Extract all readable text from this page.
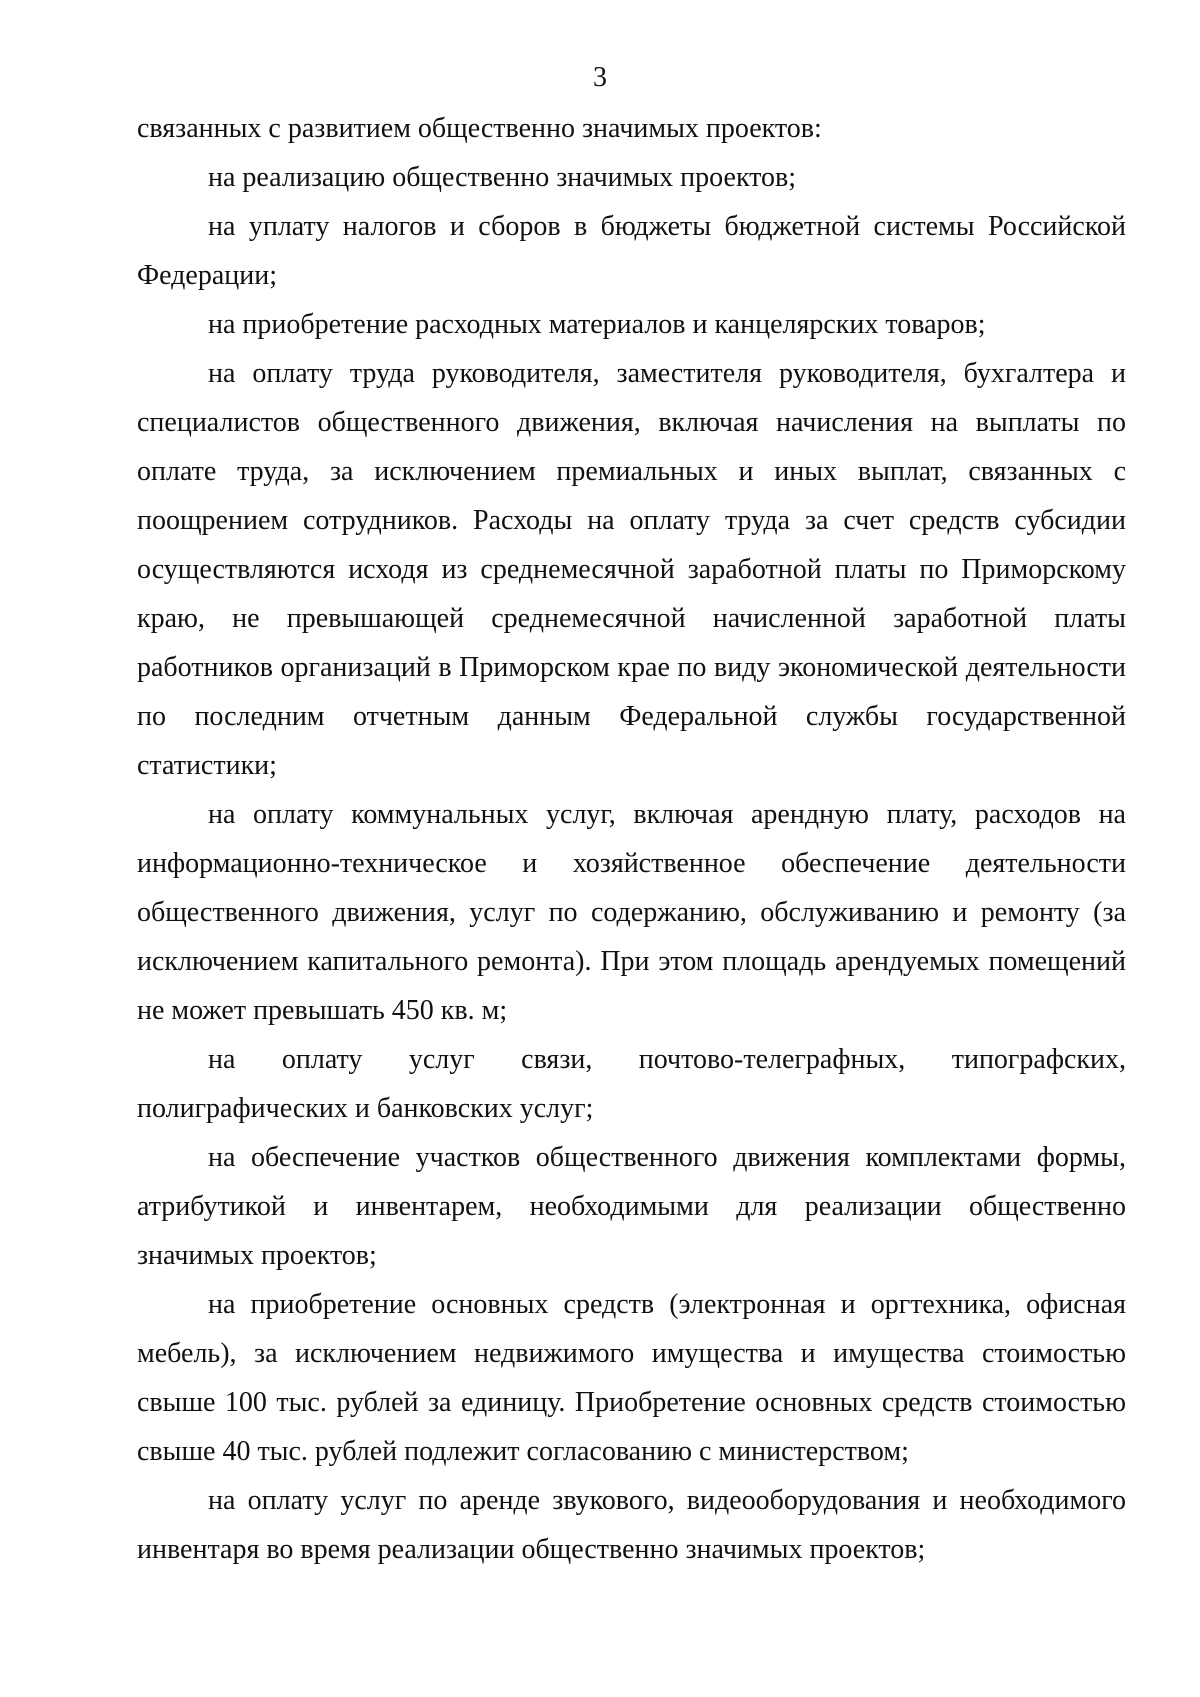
3

связанных с развитием общественно значимых проектов:

на реализацию общественно значимых проектов;

на уплату налогов и сборов в бюджеты бюджетной системы Российской Федерации;

на приобретение расходных материалов и канцелярских товаров;

на оплату труда руководителя, заместителя руководителя, бухгалтера и специалистов общественного движения, включая начисления на выплаты по оплате труда, за исключением премиальных и иных выплат, связанных с поощрением сотрудников. Расходы на оплату труда за счет средств субсидии осуществляются исходя из среднемесячной заработной платы по Приморскому краю, не превышающей среднемесячной начисленной заработной платы работников организаций в Приморском крае по виду экономической деятельности по последним отчетным данным Федеральной службы государственной статистики;

на оплату коммунальных услуг, включая арендную плату, расходов на информационно-техническое и хозяйственное обеспечение деятельности общественного движения, услуг по содержанию, обслуживанию и ремонту (за исключением капитального ремонта). При этом площадь арендуемых помещений не может превышать 450 кв. м;

на оплату услуг связи, почтово-телеграфных, типографских, полиграфических и банковских услуг;

на обеспечение участков общественного движения комплектами формы, атрибутикой и инвентарем, необходимыми для реализации общественно значимых проектов;

на приобретение основных средств (электронная и оргтехника, офисная мебель), за исключением недвижимого имущества и имущества стоимостью свыше 100 тыс. рублей за единицу. Приобретение основных средств стоимостью свыше 40 тыс. рублей подлежит согласованию с министерством;

на оплату услуг по аренде звукового, видеооборудования и необходимого инвентаря во время реализации общественно значимых проектов;
